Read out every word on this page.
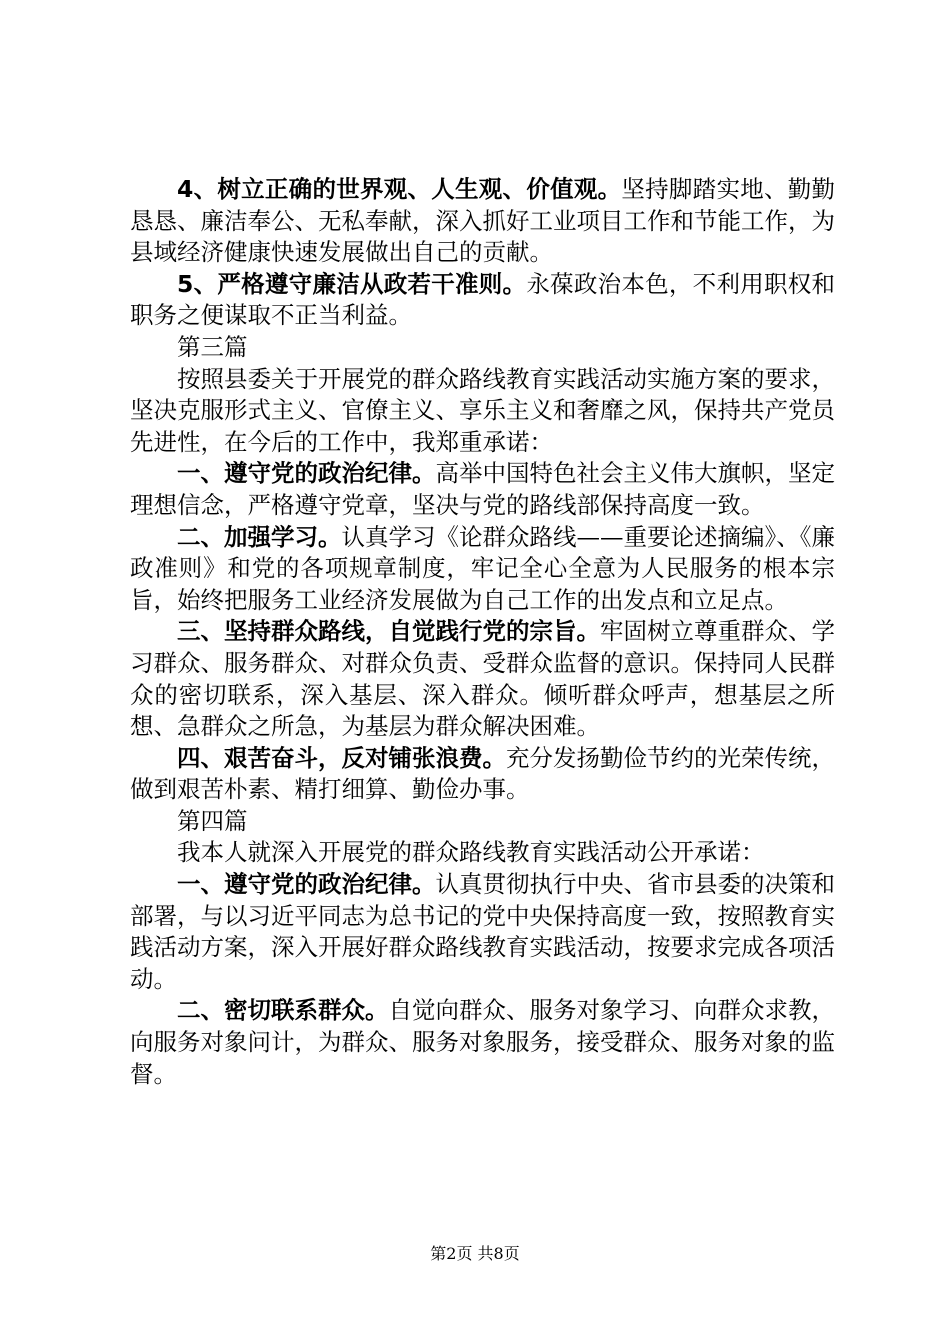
4、树立正确的世界观、人生观、价值观。坚持脚踏实地、勤勤恳恳、廉洁奉公、无私奉献，深入抓好工业项目工作和节能工作，为县域经济健康快速发展做出自己的贡献。

5、严格遵守廉洁从政若干准则。永葆政治本色，不利用职权和职务之便谋取不正当利益。

第三篇

按照县委关于开展党的群众路线教育实践活动实施方案的要求，坚决克服形式主义、官僚主义、享乐主义和奢靡之风，保持共产党员先进性，在今后的工作中，我郑重承诺：

一、遵守党的政治纪律。高举中国特色社会主义伟大旗帜，坚定理想信念，严格遵守党章，坚决与党的路线部保持高度一致。

二、加强学习。认真学习《论群众路线——重要论述摘编》、《廉政准则》和党的各项规章制度，牢记全心全意为人民服务的根本宗旨，始终把服务工业经济发展做为自己工作的出发点和立足点。

三、坚持群众路线，自觉践行党的宗旨。牢固树立尊重群众、学习群众、服务群众、对群众负责、受群众监督的意识。保持同人民群众的密切联系，深入基层、深入群众。倾听群众呼声，想基层之所想、急群众之所急，为基层为群众解决困难。

四、艰苦奋斗，反对铺张浪费。充分发扬勤俭节约的光荣传统，做到艰苦朴素、精打细算、勤俭办事。

第四篇

我本人就深入开展党的群众路线教育实践活动公开承诺：

一、遵守党的政治纪律。认真贯彻执行中央、省市县委的决策和部署，与以习近平同志为总书记的党中央保持高度一致，按照教育实践活动方案，深入开展好群众路线教育实践活动，按要求完成各项活动。

二、密切联系群众。自觉向群众、服务对象学习、向群众求教，向服务对象问计，为群众、服务对象服务，接受群众、服务对象的监督。

第2页 共8页
